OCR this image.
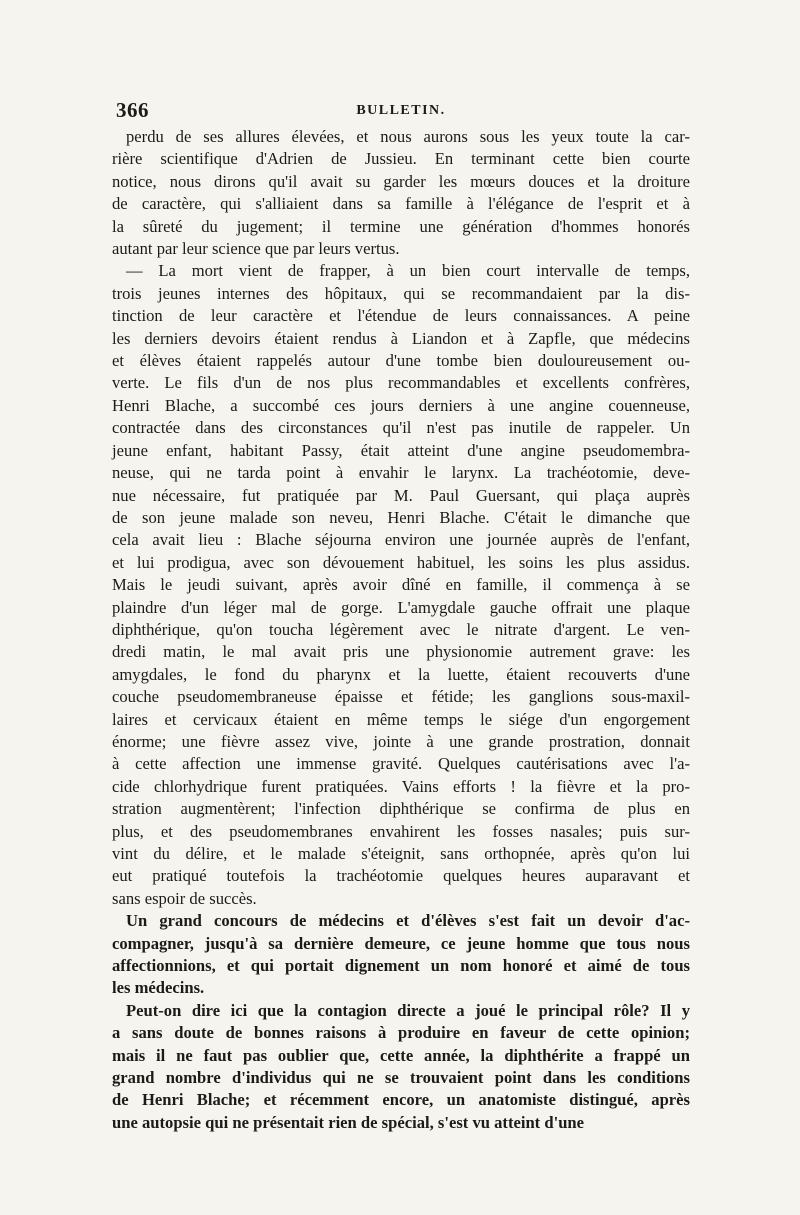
366	BULLETIN.

perdu de ses allures élevées, et nous aurons sous les yeux toute la car-
rière scientifique d'Adrien de Jussieu. En terminant cette bien courte
notice, nous dirons qu'il avait su garder les mœurs douces et la droiture
de caractère, qui s'alliaient dans sa famille à l'élégance de l'esprit et à
la sûreté du jugement; il termine une génération d'hommes honorés
autant par leur science que par leurs vertus.

— La mort vient de frapper, à un bien court intervalle de temps,
trois jeunes internes des hôpitaux, qui se recommandaient par la dis-
tinction de leur caractère et l'étendue de leurs connaissances. A peine
les derniers devoirs étaient rendus à Liandon et à Zapfle, que médecins
et élèves étaient rappelés autour d'une tombe bien douloureusement ou-
verte. Le fils d'un de nos plus recommandables et excellents confrères,
Henri Blache, a succombé ces jours derniers à une angine couenneuse,
contractée dans des circonstances qu'il n'est pas inutile de rappeler. Un
jeune enfant, habitant Passy, était atteint d'une angine pseudomembra-
neuse, qui ne tarda point à envahir le larynx. La trachéotomie, deve-
nue nécessaire, fut pratiquée par M. Paul Guersant, qui plaça auprès
de son jeune malade son neveu, Henri Blache. C'était le dimanche que
cela avait lieu : Blache séjourna environ une journée auprès de l'enfant,
et lui prodigua, avec son dévouement habituel, les soins les plus assidus.
Mais le jeudi suivant, après avoir dîné en famille, il commença à se
plaindre d'un léger mal de gorge. L'amygdale gauche offrait une plaque
diphthérique, qu'on toucha légèrement avec le nitrate d'argent. Le ven-
dredi matin, le mal avait pris une physionomie autrement grave: les
amygdales, le fond du pharynx et la luette, étaient recouverts d'une
couche pseudomembraneuse épaisse et fétide; les ganglions sous-maxil-
laires et cervicaux étaient en même temps le siége d'un engorgement
énorme; une fièvre assez vive, jointe à une grande prostration, donnait
à cette affection une immense gravité. Quelques cautérisations avec l'a-
cide chlorhydrique furent pratiquées. Vains efforts ! la fièvre et la pro-
stration augmentèrent; l'infection diphthérique se confirma de plus en
plus, et des pseudomembranes envahirent les fosses nasales; puis sur-
vint du délire, et le malade s'éteignit, sans orthopnée, après qu'on lui
eut pratiqué toutefois la trachéotomie quelques heures auparavant et
sans espoir de succès.

Un grand concours de médecins et d'élèves s'est fait un devoir d'ac-
compagner, jusqu'à sa dernière demeure, ce jeune homme que tous nous
affectionnions, et qui portait dignement un nom honoré et aimé de tous
les médecins.

Peut-on dire ici que la contagion directe a joué le principal rôle? Il y
a sans doute de bonnes raisons à produire en faveur de cette opinion;
mais il ne faut pas oublier que, cette année, la diphthérite a frappé un
grand nombre d'individus qui ne se trouvaient point dans les conditions
de Henri Blache; et récemment encore, un anatomiste distingué, après
une autopsie qui ne présentait rien de spécial, s'est vu atteint d'une
